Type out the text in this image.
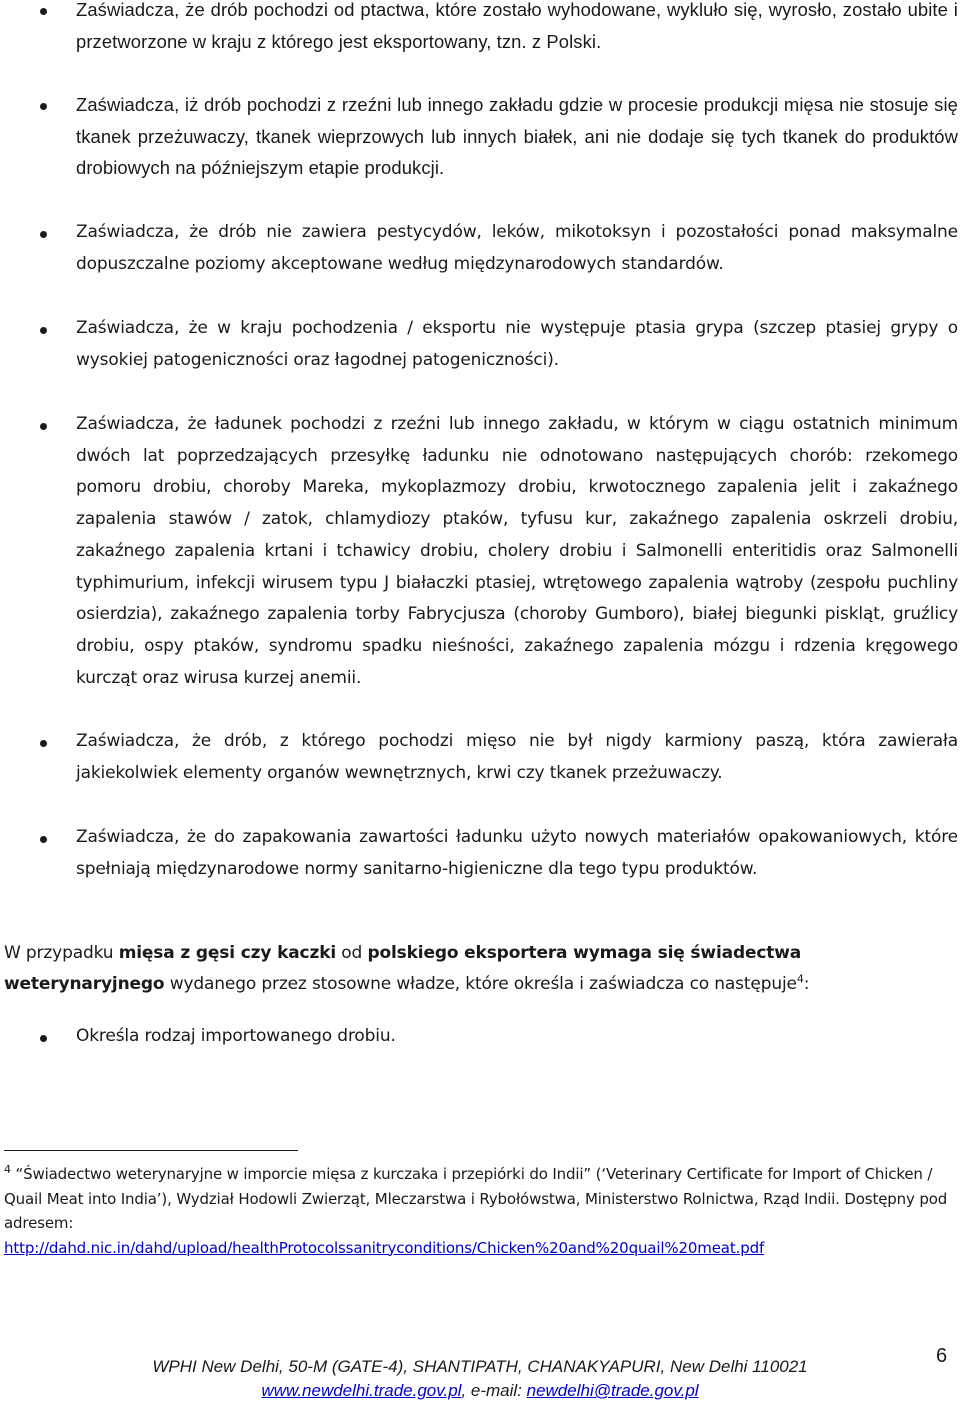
Zaświadcza, że drób pochodzi od ptactwa, które zostało wyhodowane, wykluło się, wyrosło, zostało ubite i przetworzone w kraju z którego jest eksportowany, tzn. z Polski.
Zaświadcza, iż drób pochodzi z rzeźni lub innego zakładu gdzie w procesie produkcji mięsa nie stosuje się tkanek przeżuwaczy, tkanek wieprzowych lub innych białek, ani nie dodaje się tych tkanek do produktów drobiowych na późniejszym etapie produkcji.
Zaświadcza, że drób nie zawiera pestycydów, leków, mikotoksyn i pozostałości ponad maksymalne dopuszczalne poziomy akceptowane według międzynarodowych standardów.
Zaświadcza, że w kraju pochodzenia / eksportu nie występuje ptasia grypa (szczep ptasiej grypy o wysokiej patogeniczności oraz łagodnej patogeniczności).
Zaświadcza, że ładunek pochodzi z rzeźni lub innego zakładu, w którym w ciągu ostatnich minimum dwóch lat poprzedzających przesyłkę ładunku nie odnotowano następujących chorób: rzekomego pomoru drobiu, choroby Mareka, mykoplazmozy drobiu, krwotocznego zapalenia jelit i zakaźnego zapalenia stawów / zatok, chlamydiozy ptaków, tyfusu kur, zakaźnego zapalenia oskrzeli drobiu, zakaźnego zapalenia krtani i tchawicy drobiu, cholery drobiu i Salmonelli enteritidis oraz Salmonelli typhimurium, infekcji wirusem typu J białaczki ptasiej, wtrętowego zapalenia wątroby (zespołu puchliny osierdzia), zakaźnego zapalenia torby Fabrycjusza (choroby Gumboro), białej biegunki piskląt, gruźlicy drobiu, ospy ptaków, syndromu spadku nieśności, zakaźnego zapalenia mózgu i rdzenia kręgowego kurcząt oraz wirusa kurzej anemii.
Zaświadcza, że drób, z którego pochodzi mięso nie był nigdy karmiony paszą, która zawierała jakiekolwiek elementy organów wewnętrznych, krwi czy tkanek przeżuwaczy.
Zaświadcza, że do zapakowania zawartości ładunku użyto nowych materiałów opakowaniowych, które spełniają międzynarodowe normy sanitarno-higieniczne dla tego typu produktów.
W przypadku mięsa z gęsi czy kaczki od polskiego eksportera wymaga się świadectwa weterynaryjnego wydanego przez stosowne władze, które określa i zaświadcza co następuje$^4$:
Określa rodzaj importowanego drobiu.
$^4$ “Świadectwo weterynaryjne w imporcie mięsa z kurczaka i przepiórki do Indii” (‘Veterinary Certificate for Import of Chicken / Quail Meat into India’), Wydział Hodowli Zwierząt, Mleczarstwa i Rybołówstwa, Ministerstwo Rolnictwa, Rząd Indii. Dostępny pod adresem:
http://dahd.nic.in/dahd/upload/healthProtocolssanitryconditions/Chicken%20and%20quail%20meat.pdf
WPHI New Delhi, 50-M (GATE-4), SHANTIPATH, CHANAKYAPURI, New Delhi 110021
www.newdelhi.trade.gov.pl, e-mail: newdelhi@trade.gov.pl
6
